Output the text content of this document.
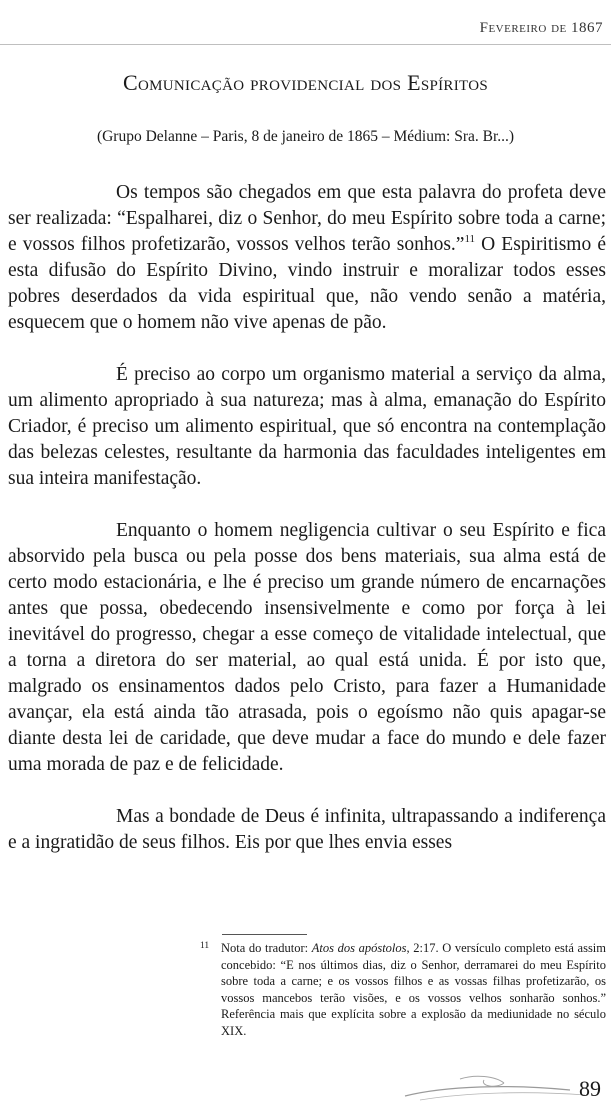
Fevereiro de 1867
Comunicação providencial dos Espíritos
(Grupo Delanne – Paris, 8 de janeiro de 1865 – Médium: Sra. Br...)

Os tempos são chegados em que esta palavra do profeta deve ser realizada: “Espalharei, diz o Senhor, do meu Espírito sobre toda a carne; e vossos filhos profetizarão, vossos velhos terão sonhos.”$^{11}$ O Espiritismo é esta difusão do Espírito Divino, vindo instruir e moralizar todos esses pobres deserdados da vida espiritual que, não vendo senão a matéria, esquecem que o homem não vive apenas de pão.

É preciso ao corpo um organismo material a serviço da alma, um alimento apropriado à sua natureza; mas à alma, emanação do Espírito Criador, é preciso um alimento espiritual, que só encontra na contemplação das belezas celestes, resultante da harmonia das faculdades inteligentes em sua inteira manifestação.

Enquanto o homem negligencia cultivar o seu Espírito e fica absorvido pela busca ou pela posse dos bens materiais, sua alma está de certo modo estacionária, e lhe é preciso um grande número de encarnações antes que possa, obedecendo insensivelmente e como por força à lei inevitável do progresso, chegar a esse começo de vitalidade intelectual, que a torna a diretora do ser material, ao qual está unida. É por isto que, malgrado os ensinamentos dados pelo Cristo, para fazer a Humanidade avançar, ela está ainda tão atrasada, pois o egoísmo não quis apagar-se diante desta lei de caridade, que deve mudar a face do mundo e dele fazer uma morada de paz e de felicidade.

Mas a bondade de Deus é infinita, ultrapassando a indiferença e a ingratidão de seus filhos. Eis por que lhes envia esses

11 Nota do tradutor: Atos dos apóstolos, 2:17. O versículo completo está assim concebido: “E nos últimos dias, diz o Senhor, derramarei do meu Espírito sobre toda a carne; e os vossos filhos e as vossas filhas profetizarão, os vossos mancebos terão visões, e os vossos velhos sonharão sonhos.” Referência mais que explícita sobre a explosão da mediunidade no século XIX.
89
